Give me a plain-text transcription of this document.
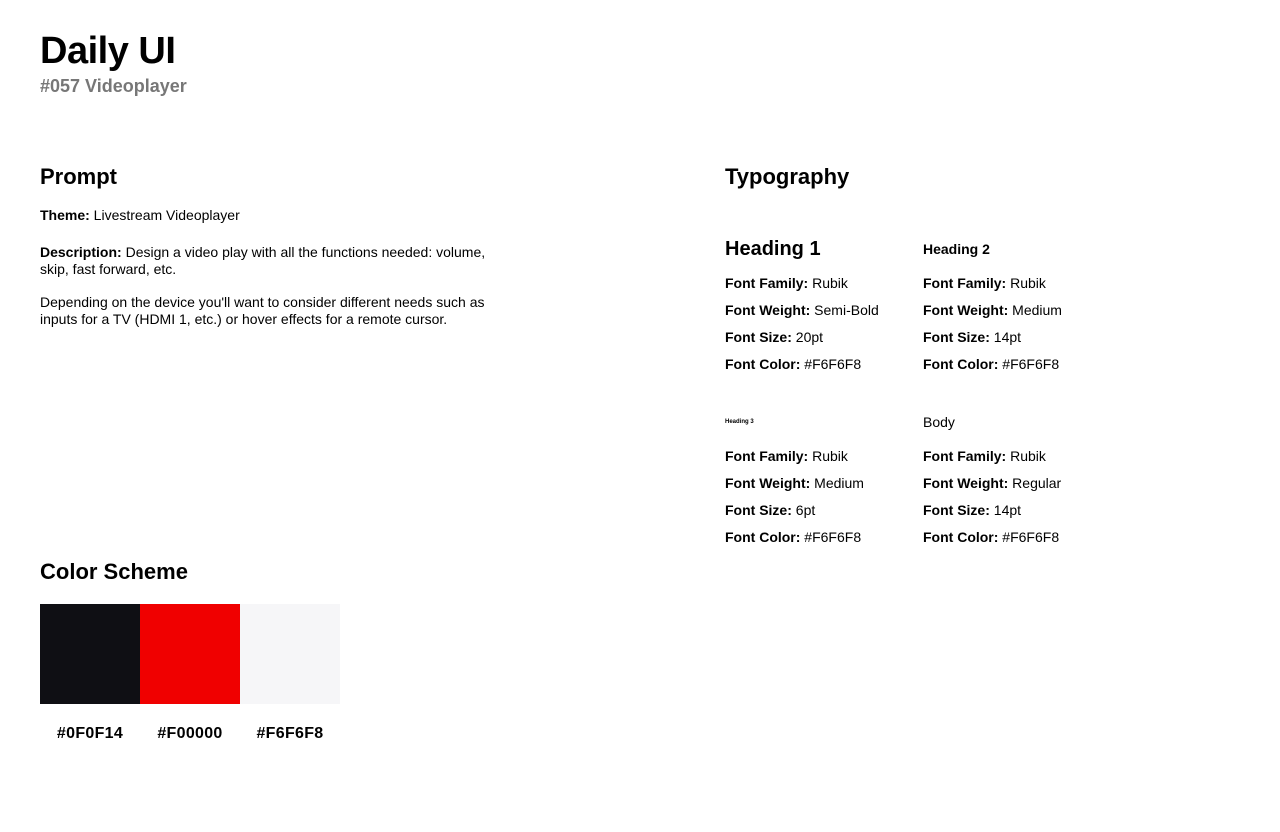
Daily UI

#057 Videoplayer

Prompt

Theme: Livestream Videoplayer

Description: Design a video play with all the functions needed: volume, skip, fast forward, etc.

Depending on the device you'll want to consider different needs such as inputs for a TV (HDMI 1, etc.) or hover effects for a remote cursor.

Color Scheme
#0F0F14 #F00000 #F6F6F8
Typography

Heading 1

Font Family: Rubik
Font Weight: Semi-Bold
Font Size: 20pt
Font Color: #F6F6F8

Heading 2

Font Family: Rubik
Font Weight: Medium
Font Size: 14pt
Font Color: #F6F6F8

Heading 3

Font Family: Rubik
Font Weight: Medium
Font Size: 6pt
Font Color: #F6F6F8

Body

Font Family: Rubik
Font Weight: Regular
Font Size: 14pt
Font Color: #F6F6F8
